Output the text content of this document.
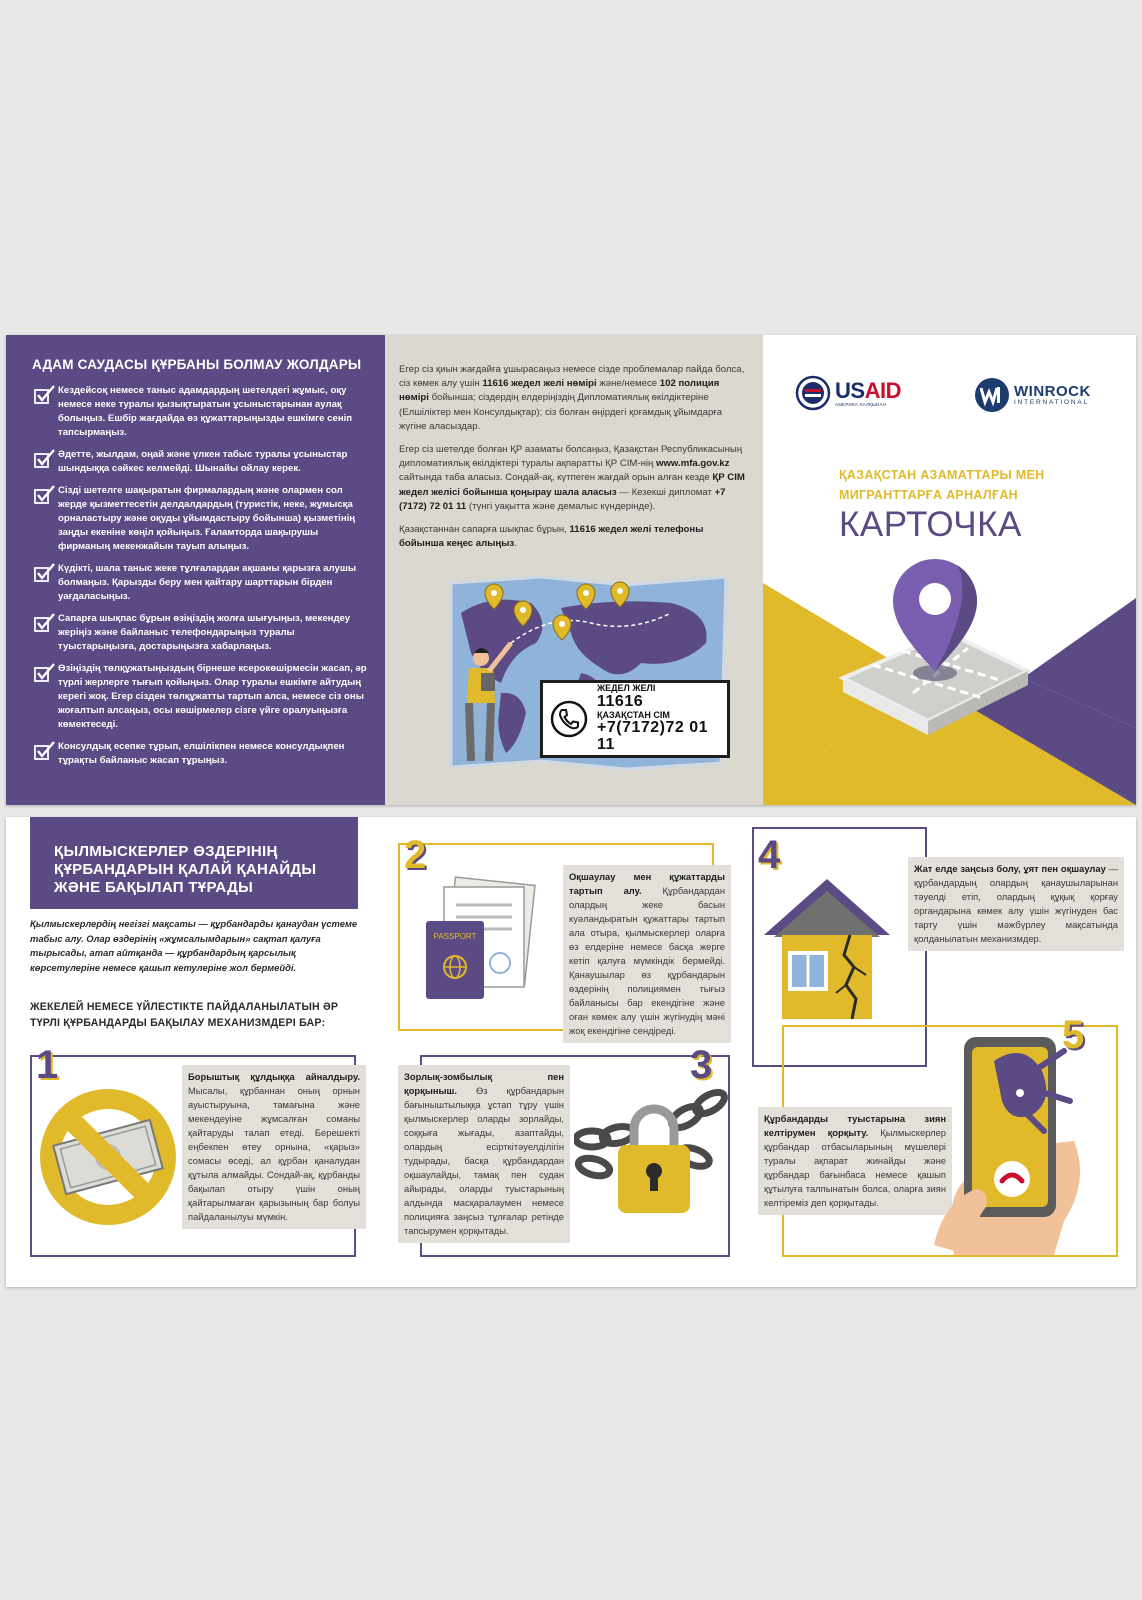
АДАМ САУДАСЫ ҚҰРБАНЫ БОЛМАУ ЖОЛДАРЫ
Кездейсоқ немесе таныс адамдардың шетелдегі жұмыс, оқу немесе неке туралы қызықтыратын ұсыныстарынан аулақ болыңыз. Ешбір жағдайда өз құжаттарыңызды ешкімге сеніп тапсырмаңыз.
Әдетте, жылдам, оңай және үлкен табыс туралы ұсыныстар шындыққа сәйкес келмейді. Шынайы ойлау керек.
Сізді шетелге шақыратын фирмалардың және олармен сол жерде қызметтесетін делдалдардың (туристік, неке, жұмысқа орналастыру және оқуды ұйымдастыру бойынша) қызметінің заңды екеніне көңіл қойыңыз. Ғаламторда шақырушы фирманың мекенжайын тауып алыңыз.
Күдікті, шала таныс жеке тұлғалардан ақшаны қарызға алушы болмаңыз. Қарызды беру мен қайтару шарттарын бірден уағдаласыңыз.
Сапарға шықпас бұрын өзіңіздің жолға шығуыңыз, мекендеу жеріңіз және байланыс телефондарыңыз туралы туыстарыңызға, достарыңызға хабарлаңыз.
Өзіңіздің төлқұжатыңыздың бірнеше ксерокөшірмесін жасап, әр түрлі жерлерге тығып қойыңыз. Олар туралы ешкімге айтудың керегі жоқ. Егер сізден төлқұжатты тартып алса, немесе сіз оны жоғалтып алсаңыз, осы көшірмелер сізге үйге оралуыңызға көмектеседі.
Консулдық есепке тұрып, елшілікпен немесе консулдықпен тұрақты байланыс жасап тұрыңыз.

Егер сіз қиын жағдайға ұшырасаңыз немесе сізде проблемалар пайда болса, сіз көмек алу үшін 11616 жедел желі нөмірі және/немесе 102 полиция нөмірі бойынша; сіздердің елдеріңіздің Дипломатиялық өкілдіктеріне (Елшіліктер мен Консулдықтар); сіз болған өңірдегі қоғамдық ұйымдарға жүгіне аласыздар.

Егер сіз шетелде болған ҚР азаматы болсаңыз, Қазақстан Республикасының дипломатиялық өкілдіктері туралы ақпаратты ҚР СІМ-нің www.mfa.gov.kz сайтында таба аласыз. Сондай-ақ, күтпеген жағдай орын алған кезде ҚР СІМ жедел желісі бойынша қоңырау шала аласыз — Кезекші дипломат +7 (7172) 72 01 11 (түнгі уақытта және демалыс күндерінде).

Қазақстаннан сапарға шықпас бұрын, 11616 жедел желі телефоны бойынша кеңес алыңыз.

ЖЕДЕЛ ЖЕЛІ
11616
ҚАЗАҚСТАН СІМ
+7(7172)72 01 11
USAID
АМЕРИКА ХАЛҚЫНАН
WINROCK
INTERNATIONAL
ҚАЗАҚСТАН АЗАМАТТАРЫ МЕН
МИГРАНТТАРҒА АРНАЛҒАН
КАРТОЧКА
ҚЫЛМЫСКЕРЛЕР ӨЗДЕРІНІҢ
ҚҰРБАНДАРЫН ҚАЛАЙ ҚАНАЙДЫ
ЖӘНЕ БАҚЫЛАП ТҰРАДЫ
Қылмыскерлердің негізгі мақсаты — құрбандарды қанаудан үстеме табыс алу. Олар өздерінің «жұмсалымдарын» сақтап қалуға тырысады, атап айтқанда — құрбандардың қарсылық көрсетулеріне немесе қашып кетулеріне жол бермейді.
ЖЕКЕЛЕЙ НЕМЕСЕ ҮЙЛЕСТІКТЕ ПАЙДАЛАНЫЛАТЫН ӘР ТҮРЛІ ҚҰРБАНДАРДЫ БАҚЫЛАУ МЕХАНИЗМДЕРІ БАР:
1	Борыштық құлдыққа айналдыру. Мысалы, құрбаннан оның орнын ауыстыруына, тамағына және мекендеуіне жұмсалған соманы қайтаруды талап етеді. Берешекті еңбекпен өтеу орнына, «қарыз» сомасы өседі, ал құрбан қаналудан құтыла алмайды. Сондай-ақ, құрбанды бақылап отыру үшін оның қайтарылмаған қарызының бар болуы пайдаланылуы мүмкін.
2
PASSPORT
Оқшаулау мен құжаттарды тартып алу. Құрбандардан олардың жеке басын куәландыратын құжаттары тартып ала отыра, қылмыскерлер оларға өз елдеріне немесе басқа жерге кетіп қалуға мүмкіндік бермейді. Қанаушылар өз құрбандарын өздерінің полициямен тығыз байланысы бар екендігіне және оған көмек алу үшін жүгінудің мәні жоқ екендігіне сендіреді.
3
Зорлық-зомбылық пен қорқыныш. Өз құрбандарын бағыныштылыққа ұстап тұру үшін қылмыскерлер оларды зорлайды, соққыға жығады, азаптайды, олардың есірткітәуелділігін тудырады, басқа құрбандардан оқшаулайды, тамақ пен судан айырады, оларды туыстарының алдында масқаралаумен немесе полицияға заңсыз тұлғалар ретінде тапсырумен қорқытады.
4	Жат елде заңсыз болу, ұят пен оқшаулау — құрбандардың олардың қанаушыларынан тәуелді етіп, олардың құқық қорғау органдарына көмек алу үшін жүгінуден бас тарту үшін мәжбүрлеу мақсатында қолданылатын механизмдер.
5
Құрбандарды туыстарына зиян келтірумен қорқыту. Қылмыскерлер құрбандар отбасыларының мүшелері туралы ақпарат жинайды және құрбандар бағынбаса немесе қашып құтылуға талпынатын болса, оларға зиян келтіреміз деп қорқытады.
